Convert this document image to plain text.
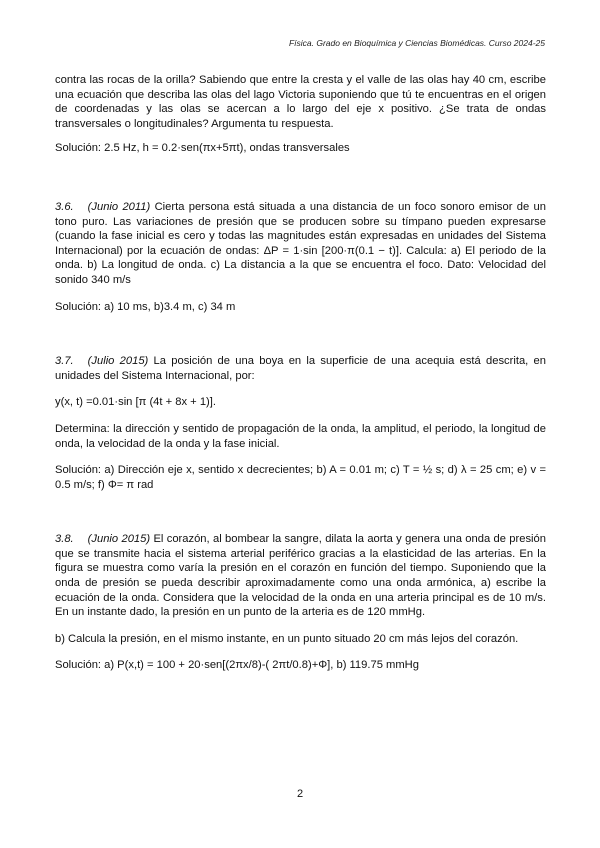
Física. Grado en Bioquímica y Ciencias Biomédicas. Curso 2024-25

contra las rocas de la orilla? Sabiendo que entre la cresta y el valle de las olas hay 40 cm, escribe una ecuación que describa las olas del lago Victoria suponiendo que tú te encuentras en el origen de coordenadas y las olas se acercan a lo largo del eje x positivo. ¿Se trata de ondas transversales o longitudinales? Argumenta tu respuesta.

Solución: 2.5 Hz, h = 0.2·sen(πx+5πt), ondas transversales

3.6. (Junio 2011) Cierta persona está situada a una distancia de un foco sonoro emisor de un tono puro. Las variaciones de presión que se producen sobre su tímpano pueden expresarse (cuando la fase inicial es cero y todas las magnitudes están expresadas en unidades del Sistema Internacional) por la ecuación de ondas: ΔP = 1·sin [200·π(0.1 − t)]. Calcula: a) El periodo de la onda. b) La longitud de onda. c) La distancia a la que se encuentra el foco. Dato: Velocidad del sonido 340 m/s

Solución: a) 10 ms, b)3.4 m, c) 34 m

3.7. (Julio 2015) La posición de una boya en la superficie de una acequia está descrita, en unidades del Sistema Internacional, por:

y(x, t) =0.01·sin [π (4t + 8x + 1)].

Determina: la dirección y sentido de propagación de la onda, la amplitud, el periodo, la longitud de onda, la velocidad de la onda y la fase inicial.

Solución: a) Dirección eje x, sentido x decrecientes; b) A = 0.01 m; c) T = ½ s; d) λ = 25 cm; e) v = 0.5 m/s; f) Φ= π rad

3.8. (Junio 2015) El corazón, al bombear la sangre, dilata la aorta y genera una onda de presión que se transmite hacia el sistema arterial periférico gracias a la elasticidad de las arterias. En la figura se muestra como varía la presión en el corazón en función del tiempo. Suponiendo que la onda de presión se pueda describir aproximadamente como una onda armónica, a) escribe la ecuación de la onda. Considera que la velocidad de la onda en una arteria principal es de 10 m/s. En un instante dado, la presión en un punto de la arteria es de 120 mmHg.

b) Calcula la presión, en el mismo instante, en un punto situado 20 cm más lejos del corazón.

Solución: a) P(x,t) = 100 + 20·sen[(2πx/8)-( 2πt/0.8)+Φ], b) 119.75 mmHg

2
